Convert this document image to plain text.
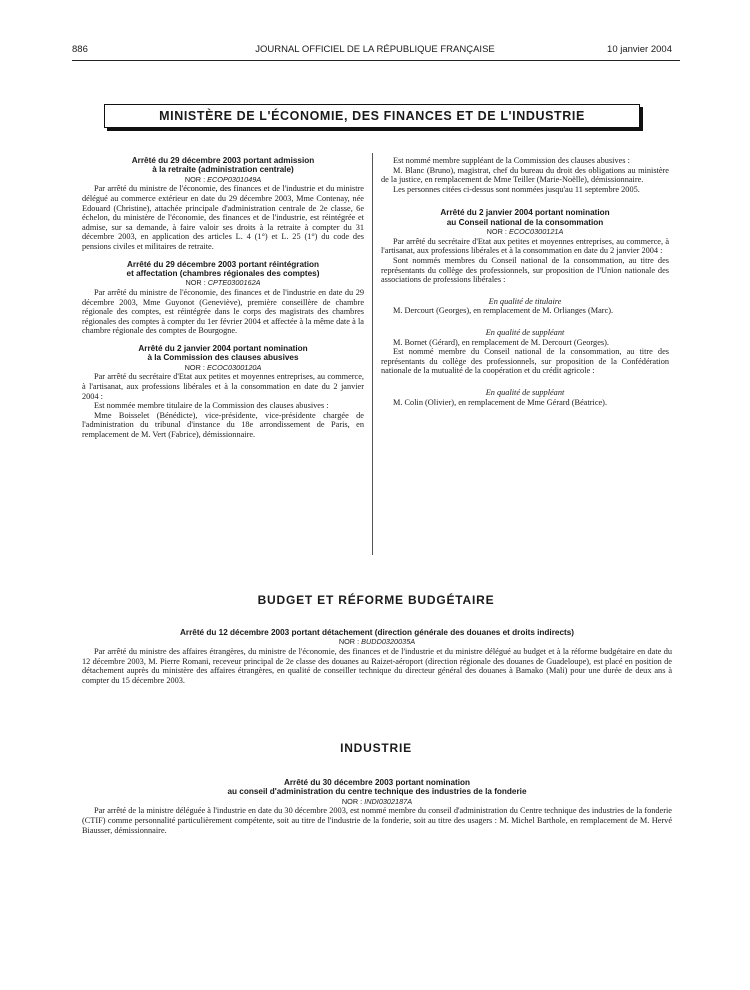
886	JOURNAL OFFICIEL DE LA RÉPUBLIQUE FRANÇAISE	10 janvier 2004
MINISTÈRE DE L'ÉCONOMIE, DES FINANCES ET DE L'INDUSTRIE

Arrêté du 29 décembre 2003 portant admission

à la retraite (administration centrale)

NOR : ECOP0301049A

Par arrêté du ministre de l'économie, des finances et de l'industrie et du ministre délégué au commerce extérieur en date du 29 décembre 2003, Mme Contenay, née Edouard (Christine), attachée principale d'administration centrale de 2e classe, 6e échelon, du ministère de l'économie, des finances et de l'industrie, est réintégrée et admise, sur sa demande, à faire valoir ses droits à la retraite à compter du 31 décembre 2003, en application des articles L. 4 (1°) et L. 25 (1°) du code des pensions civiles et militaires de retraite.

Arrêté du 29 décembre 2003 portant réintégration

et affectation (chambres régionales des comptes)

NOR : CPTE0300162A

Par arrêté du ministre de l'économie, des finances et de l'industrie en date du 29 décembre 2003, Mme Guyonot (Geneviève), première conseillère de chambre régionale des comptes, est réintégrée dans le corps des magistrats des chambres régionales des comptes à compter du 1er février 2004 et affectée à la même date à la chambre régionale des comptes de Bourgogne.

Arrêté du 2 janvier 2004 portant nomination

à la Commission des clauses abusives

NOR : ECOC0300120A

Par arrêté du secrétaire d'Etat aux petites et moyennes entreprises, au commerce, à l'artisanat, aux professions libérales et à la consommation en date du 2 janvier 2004 :

Est nommée membre titulaire de la Commission des clauses abusives :

Mme Boisselet (Bénédicte), vice-présidente, vice-présidente chargée de l'administration du tribunal d'instance du 18e arrondissement de Paris, en remplacement de M. Vert (Fabrice), démissionnaire.

Est nommé membre suppléant de la Commission des clauses abusives :

M. Blanc (Bruno), magistrat, chef du bureau du droit des obligations au ministère de la justice, en remplacement de Mme Teiller (Marie-Noëlle), démissionnaire.

Les personnes citées ci-dessus sont nommées jusqu'au 11 septembre 2005.

Arrêté du 2 janvier 2004 portant nomination

au Conseil national de la consommation

NOR : ECOC0300121A

Par arrêté du secrétaire d'Etat aux petites et moyennes entreprises, au commerce, à l'artisanat, aux professions libérales et à la consommation en date du 2 janvier 2004 :

Sont nommés membres du Conseil national de la consommation, au titre des représentants du collège des professionnels, sur proposition de l'Union nationale des associations de professions libérales :

En qualité de titulaire

M. Dercourt (Georges), en remplacement de M. Orlianges (Marc).

En qualité de suppléant

M. Bornet (Gérard), en remplacement de M. Dercourt (Georges).

Est nommé membre du Conseil national de la consommation, au titre des représentants du collège des professionnels, sur proposition de la Confédération nationale de la mutualité de la coopération et du crédit agricole :

En qualité de suppléant

M. Colin (Olivier), en remplacement de Mme Gérard (Béatrice).

BUDGET ET RÉFORME BUDGÉTAIRE

Arrêté du 12 décembre 2003 portant détachement (direction générale des douanes et droits indirects)

NOR : BUDD0320035A

Par arrêté du ministre des affaires étrangères, du ministre de l'économie, des finances et de l'industrie et du ministre délégué au budget et à la réforme budgétaire en date du 12 décembre 2003, M. Pierre Romani, receveur principal de 2e classe des douanes au Raizet-aéroport (direction régionale des douanes de Guadeloupe), est placé en position de détachement auprès du ministère des affaires étrangères, en qualité de conseiller technique du directeur général des douanes à Bamako (Mali) pour une durée de deux ans à compter du 15 décembre 2003.

INDUSTRIE

Arrêté du 30 décembre 2003 portant nomination

au conseil d'administration du centre technique des industries de la fonderie

NOR : INDI0302187A

Par arrêté de la ministre déléguée à l'industrie en date du 30 décembre 2003, est nommé membre du conseil d'administration du Centre technique des industries de la fonderie (CTIF) comme personnalité particulièrement compétente, soit au titre de l'industrie de la fonderie, soit au titre des usagers : M. Michel Barthole, en remplacement de M. Hervé Biausser, démissionnaire.
